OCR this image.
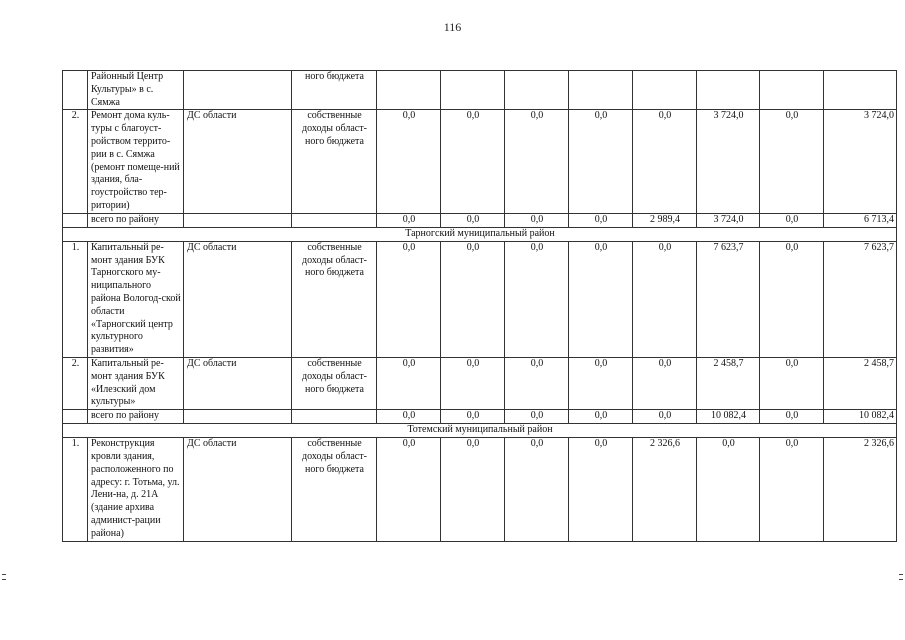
116
	Районный Центр Культуры» в с. Сямжа		ного бюджета								
2.	Ремонт дома куль-туры с благоуст-ройством террито-рии в с. Сямжа (ремонт помеще-ний здания, бла-гоустройство тер-ритории)	ДС области	собственные доходы област-ного бюджета	0,0	0,0	0,0	0,0	0,0	3 724,0	0,0	3 724,0
	всего по району			0,0	0,0	0,0	0,0	2 989,4	3 724,0	0,0	6 713,4
Тарногский муниципальный район											
1.	Капитальный ре-монт здания БУК Тарногского му-ниципального района Вологод-ской области «Тарногский центр культурного развития»	ДС области	собственные доходы област-ного бюджета	0,0	0,0	0,0	0,0	0,0	7 623,7	0,0	7 623,7
2.	Капитальный ре-монт здания БУК «Илезский дом культуры»	ДС области	собственные доходы област-ного бюджета	0,0	0,0	0,0	0,0	0,0	2 458,7	0,0	2 458,7
	всего по району			0,0	0,0	0,0	0,0	0,0	10 082,4	0,0	10 082,4
Тотемский муниципальный район											
1.	Реконструкция кровли здания, расположенного по адресу: г. Тотьма, ул. Лени-на, д. 21А (здание архива админист-рации района)	ДС области	собственные доходы област-ного бюджета	0,0	0,0	0,0	0,0	2 326,6	0,0	0,0	2 326,6
